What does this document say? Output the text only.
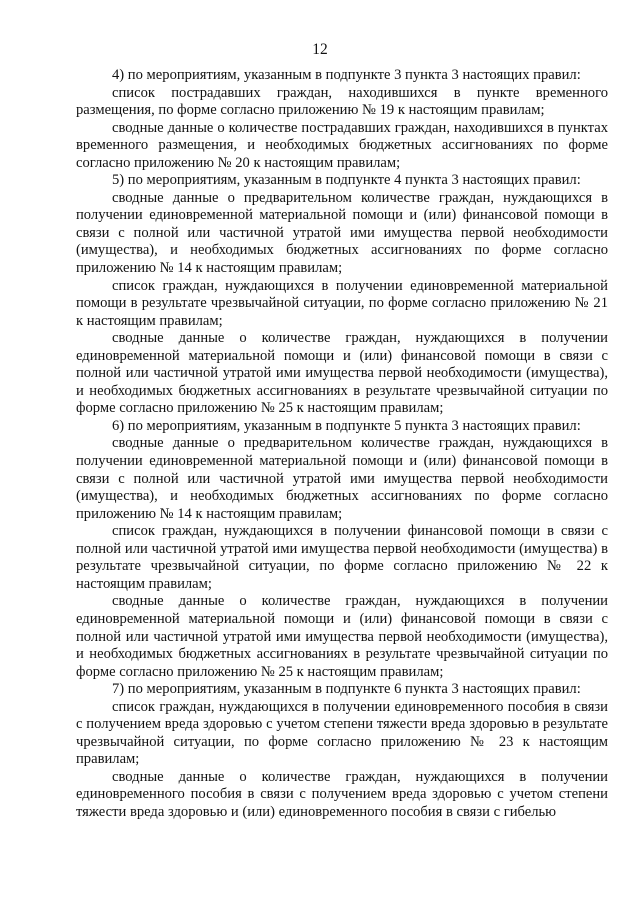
12

4) по мероприятиям, указанным в подпункте 3 пункта 3 настоящих правил:

список пострадавших граждан, находившихся в пункте временного размещения, по форме согласно приложению № 19 к настоящим правилам;

сводные данные о количестве пострадавших граждан, находившихся в пунктах временного размещения, и необходимых бюджетных ассигнованиях по форме согласно приложению № 20 к настоящим правилам;

5) по мероприятиям, указанным в подпункте 4 пункта 3 настоящих правил:

сводные данные о предварительном количестве граждан, нуждающихся в получении единовременной материальной помощи и (или) финансовой помощи в связи с полной или частичной утратой ими имущества первой необходимости (имущества), и необходимых бюджетных ассигнованиях по форме согласно приложению № 14 к настоящим правилам;

список граждан, нуждающихся в получении единовременной материальной помощи в результате чрезвычайной ситуации, по форме согласно приложению № 21 к настоящим правилам;

сводные данные о количестве граждан, нуждающихся в получении единовременной материальной помощи и (или) финансовой помощи в связи с полной или частичной утратой ими имущества первой необходимости (имущества), и необходимых бюджетных ассигнованиях в результате чрезвычайной ситуации по форме согласно приложению № 25 к настоящим правилам;

6) по мероприятиям, указанным в подпункте 5 пункта 3 настоящих правил:

сводные данные о предварительном количестве граждан, нуждающихся в получении единовременной материальной помощи и (или) финансовой помощи в связи с полной или частичной утратой ими имущества первой необходимости (имущества), и необходимых бюджетных ассигнованиях по форме согласно приложению № 14 к настоящим правилам;

список граждан, нуждающихся в получении финансовой помощи в связи с полной или частичной утратой ими имущества первой необходимости (имущества) в результате чрезвычайной ситуации, по форме согласно приложению № 22 к настоящим правилам;

сводные данные о количестве граждан, нуждающихся в получении единовременной материальной помощи и (или) финансовой помощи в связи с полной или частичной утратой ими имущества первой необходимости (имущества), и необходимых бюджетных ассигнованиях в результате чрезвычайной ситуации по форме согласно приложению № 25 к настоящим правилам;

7) по мероприятиям, указанным в подпункте 6 пункта 3 настоящих правил:

список граждан, нуждающихся в получении единовременного пособия в связи с получением вреда здоровью с учетом степени тяжести вреда здоровью в результате чрезвычайной ситуации, по форме согласно приложению № 23 к настоящим правилам;

сводные данные о количестве граждан, нуждающихся в получении единовременного пособия в связи с получением вреда здоровью с учетом степени тяжести вреда здоровью и (или) единовременного пособия в связи с гибелью
